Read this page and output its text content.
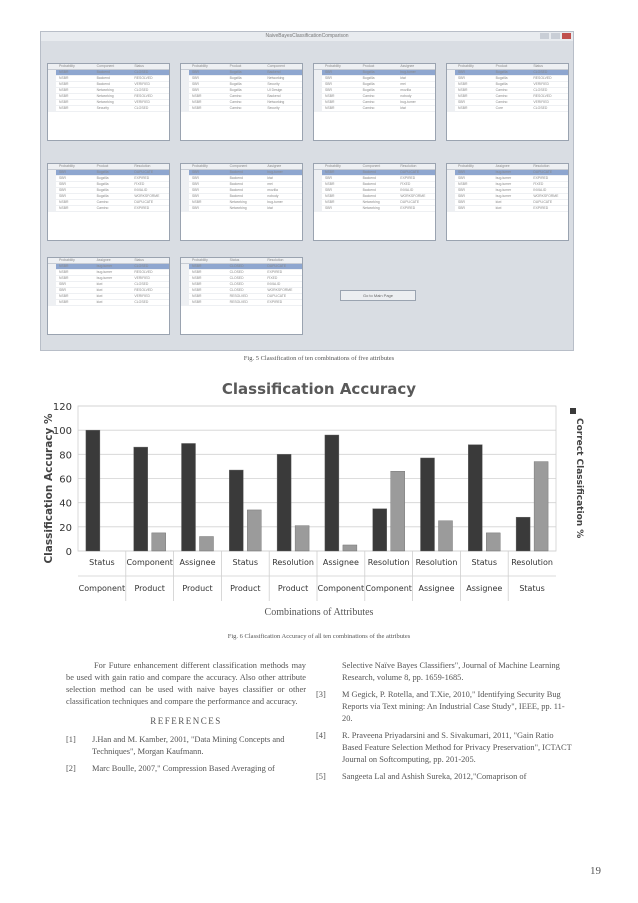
NaiveBayesClassificationComparison
Probability	Component	Status
NSBR	Backend	CLOSED
NSBR	Backend	RESOLVED
NSBR	Backend	VERIFIED
NSBR	Networking	CLOSED
NSBR	Networking	RESOLVED
NSBR	Networking	VERIFIED
NSBR	Security	CLOSED
Probability	Product	Component
SBR	Bugzilla	Backend
SBR	Bugzilla	Networking
SBR	Bugzilla	Security
SBR	Bugzilla	UI Design
NSBR	Camino	Backend
NSBR	Camino	Networking
NSBR	Camino	Security
Probability	Product	Assignee
SBR	Bugzilla	bug-tumer
SBR	Bugzilla	kiwi
SBR	Bugzilla	mei
SBR	Bugzilla	mozilla
NSBR	Camino	nobody
NSBR	Camino	bug-tumer
NSBR	Camino	kiwi
Probability	Product	Status
SBR	Bugzilla	CLOSED
SBR	Bugzilla	RESOLVED
NSBR	Bugzilla	VERIFIED
NSBR	Camino	CLOSED
NSBR	Camino	RESOLVED
SBR	Camino	VERIFIED
NSBR	Core	CLOSED
Probability	Product	Resolution
SBR	Bugzilla	DUPLICATE
SBR	Bugzilla	EXPIRED
SBR	Bugzilla	FIXED
SBR	Bugzilla	INVALID
SBR	Bugzilla	WORKSFORME
NSBR	Camino	DUPLICATE
NSBR	Camino	EXPIRED
Probability	Component	Assignee
SBR	Backend	bug-tumer
SBR	Backend	kiwi
SBR	Backend	mei
SBR	Backend	mozilla
SBR	Backend	nobody
NSBR	Networking	bug-tumer
SBR	Networking	kiwi
Probability	Component	Resolution
NSBR	Backend	DUPLICATE
SBR	Backend	EXPIRED
NSBR	Backend	FIXED
SBR	Backend	INVALID
NSBR	Backend	WORKSFORME
NSBR	Networking	DUPLICATE
SBR	Networking	EXPIRED
Probability	Assignee	Resolution
SBR	bug-tumer	DUPLICATE
SBR	bug-tumer	EXPIRED
NSBR	bug-tumer	FIXED
SBR	bug-tumer	INVALID
SBR	bug-tumer	WORKSFORME
SBR	kiwi	DUPLICATE
SBR	kiwi	EXPIRED
Probability	Assignee	Status
NSBR	bug-tumer	CLOSED
NSBR	bug-tumer	RESOLVED
NSBR	bug-tumer	VERIFIED
SBR	kiwi	CLOSED
SBR	kiwi	RESOLVED
NSBR	kiwi	VERIFIED
NSBR	kiwi	CLOSED
Probability	Status	Resolution
NSBR	CLOSED	DUPLICATE
NSBR	CLOSED	EXPIRED
NSBR	CLOSED	FIXED
NSBR	CLOSED	INVALID
NSBR	CLOSED	WORKSFORME
NSBR	RESOLVED	DUPLICATE
NSBR	RESOLVED	EXPIRED
Go to Main Page
Fig. 5 Classification of ten combinations of five attributes
Classification Accuracy
0
20
40
60
80
100
120
Classification Accuracy %	Status
Component
Component
Product
Assignee
Product
Status
Product
Resolution
Product
Assignee
Component
Resolution
Component
Resolution
Assignee
Status
Assignee
Resolution
Status
Correct Classification %
Combinations of Attributes
Fig. 6 Classification Accuracy of all ten combinations of the attributes

For Future enhancement different classification methods may be used with gain ratio and compare the accuracy. Also other attribute selection method can be used with naive bayes classifier or other classification techniques and compare the performance and accuracy.

REFERENCES
[1]	J.Han and M. Kamber, 2001, "Data Mining Concepts and Techniques", Morgan Kaufmann.
[2]	Marc Boulle, 2007," Compression Based Averaging of
Selective Naïve Bayes Classifiers", Journal of Machine Learning Research, volume 8, pp. 1659-1685.
[3]	M Gegick, P. Rotella, and T.Xie, 2010," Identifying Security Bug Reports via Text mining: An Industrial Case Study", IEEE, pp. 11-20.
[4]	R. Praveena Priyadarsini and S. Sivakumari, 2011, "Gain Ratio Based Feature Selection Method for Privacy Preservation", ICTACT Journal on Softcomputing, pp. 201-205.
[5]	Sangeeta Lal and Ashish Sureka, 2012,"Comaprison of
19
